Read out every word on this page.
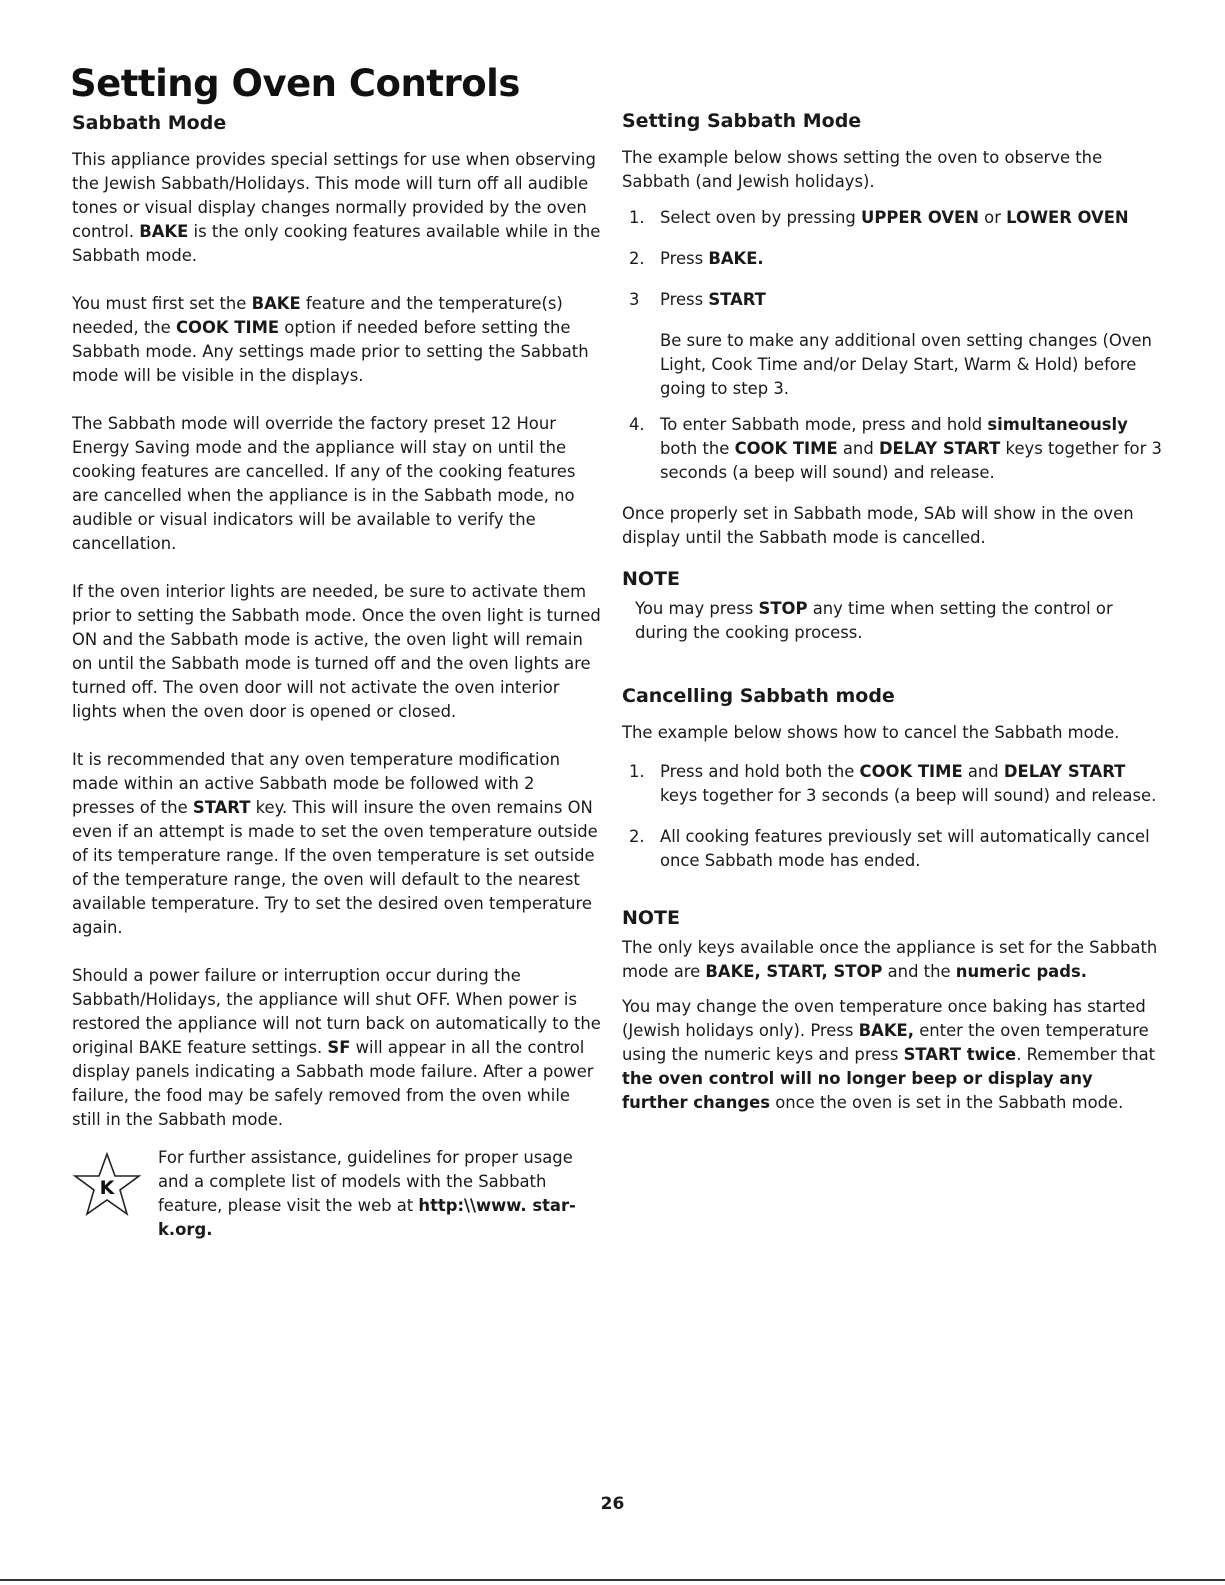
Setting Oven Controls
Sabbath Mode

This appliance provides special settings for use when observing the Jewish Sabbath/Holidays. This mode will turn off all audible tones or visual display changes normally provided by the oven control. BAKE is the only cooking features available while in the Sabbath mode.

You must first set the BAKE feature and the temperature(s) needed, the COOK TIME option if needed before setting the Sabbath mode. Any settings made prior to setting the Sabbath mode will be visible in the displays.

The Sabbath mode will override the factory preset 12 Hour Energy Saving mode and the appliance will stay on until the cooking features are cancelled. If any of the cooking features are cancelled when the appliance is in the Sabbath mode, no audible or visual indicators will be available to verify the cancellation.

If the oven interior lights are needed, be sure to activate them prior to setting the Sabbath mode. Once the oven light is turned ON and the Sabbath mode is active, the oven light will remain on until the Sabbath mode is turned off and the oven lights are turned off. The oven door will not activate the oven interior lights when the oven door is opened or closed.

It is recommended that any oven temperature modification made within an active Sabbath mode be followed with 2 presses of the START key. This will insure the oven remains ON even if an attempt is made to set the oven temperature outside of its temperature range. If the oven temperature is set outside of the temperature range, the oven will default to the nearest available temperature. Try to set the desired oven temperature again.

Should a power failure or interruption occur during the Sabbath/Holidays, the appliance will shut OFF. When power is restored the appliance will not turn back on automatically to the original BAKE feature settings. SF will appear in all the control display panels indicating a Sabbath mode failure. After a power failure, the food may be safely removed from the oven while still in the Sabbath mode.

K

For further assistance, guidelines for proper usage and a complete list of models with the Sabbath feature, please visit the web at http:\\www. star-k.org.

Setting Sabbath Mode

The example below shows setting the oven to observe the Sabbath (and Jewish holidays).

1. Select oven by pressing UPPER OVEN or LOWER OVEN
2. Press BAKE.
3 Press START

Be sure to make any additional oven setting changes (Oven Light, Cook Time and/or Delay Start, Warm & Hold) before going to step 3.

4. To enter Sabbath mode, press and hold simultaneously both the COOK TIME and DELAY START keys together for 3 seconds (a beep will sound) and release.

Once properly set in Sabbath mode, SAb will show in the oven display until the Sabbath mode is cancelled.

NOTE

You may press STOP any time when setting the control or during the cooking process.

Cancelling Sabbath mode

The example below shows how to cancel the Sabbath mode.

1. Press and hold both the COOK TIME and DELAY START keys together for 3 seconds (a beep will sound) and release.
2. All cooking features previously set will automatically cancel once Sabbath mode has ended.
NOTE

The only keys available once the appliance is set for the Sabbath mode are BAKE, START, STOP and the numeric pads.

You may change the oven temperature once baking has started (Jewish holidays only). Press BAKE, enter the oven temperature using the numeric keys and press START twice. Remember that the oven control will no longer beep or display any further changes once the oven is set in the Sabbath mode.

26
